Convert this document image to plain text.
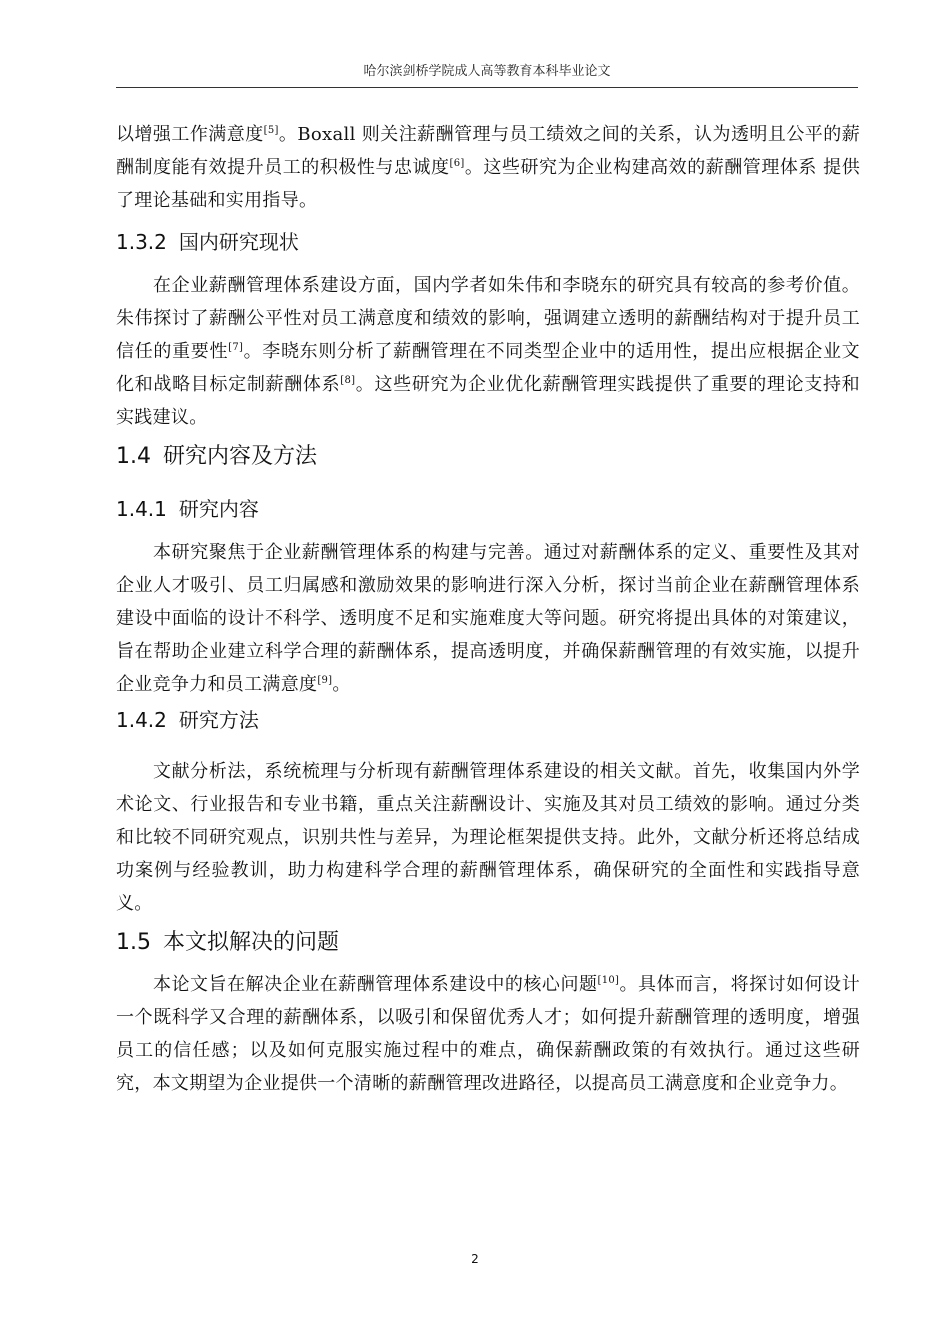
哈尔滨剑桥学院成人高等教育本科毕业论文

以增强工作满意度[5]。Boxall 则关注薪酬管理与员工绩效之间的关系，认为透明且公平的薪酬制度能有效提升员工的积极性与忠诚度[6]。这些研究为企业构建高效的薪酬管理体系 提供了理论基础和实用指导。

1.3.2 国内研究现状

在企业薪酬管理体系建设方面，国内学者如朱伟和李晓东的研究具有较高的参考价值。朱伟探讨了薪酬公平性对员工满意度和绩效的影响，强调建立透明的薪酬结构对于提升员工信任的重要性[7]。李晓东则分析了薪酬管理在不同类型企业中的适用性，提出应根据企业文化和战略目标定制薪酬体系[8]。这些研究为企业优化薪酬管理实践提供了重要的理论支持和实践建议。

1.4 研究内容及方法
1.4.1 研究内容

本研究聚焦于企业薪酬管理体系的构建与完善。通过对薪酬体系的定义、重要性及其对企业人才吸引、员工归属感和激励效果的影响进行深入分析，探讨当前企业在薪酬管理体系建设中面临的设计不科学、透明度不足和实施难度大等问题。研究将提出具体的对策建议，旨在帮助企业建立科学合理的薪酬体系，提高透明度，并确保薪酬管理的有效实施，以提升企业竞争力和员工满意度[9]。

1.4.2 研究方法

文献分析法，系统梳理与分析现有薪酬管理体系建设的相关文献。首先，收集国内外学术论文、行业报告和专业书籍，重点关注薪酬设计、实施及其对员工绩效的影响。通过分类和比较不同研究观点，识别共性与差异，为理论框架提供支持。此外，文献分析还将总结成功案例与经验教训，助力构建科学合理的薪酬管理体系，确保研究的全面性和实践指导意义。

1.5 本文拟解决的问题

本论文旨在解决企业在薪酬管理体系建设中的核心问题[10]。具体而言，将探讨如何设计一个既科学又合理的薪酬体系，以吸引和保留优秀人才；如何提升薪酬管理的透明度，增强员工的信任感；以及如何克服实施过程中的难点，确保薪酬政策的有效执行。通过这些研究，本文期望为企业提供一个清晰的薪酬管理改进路径，以提高员工满意度和企业竞争力。

2
